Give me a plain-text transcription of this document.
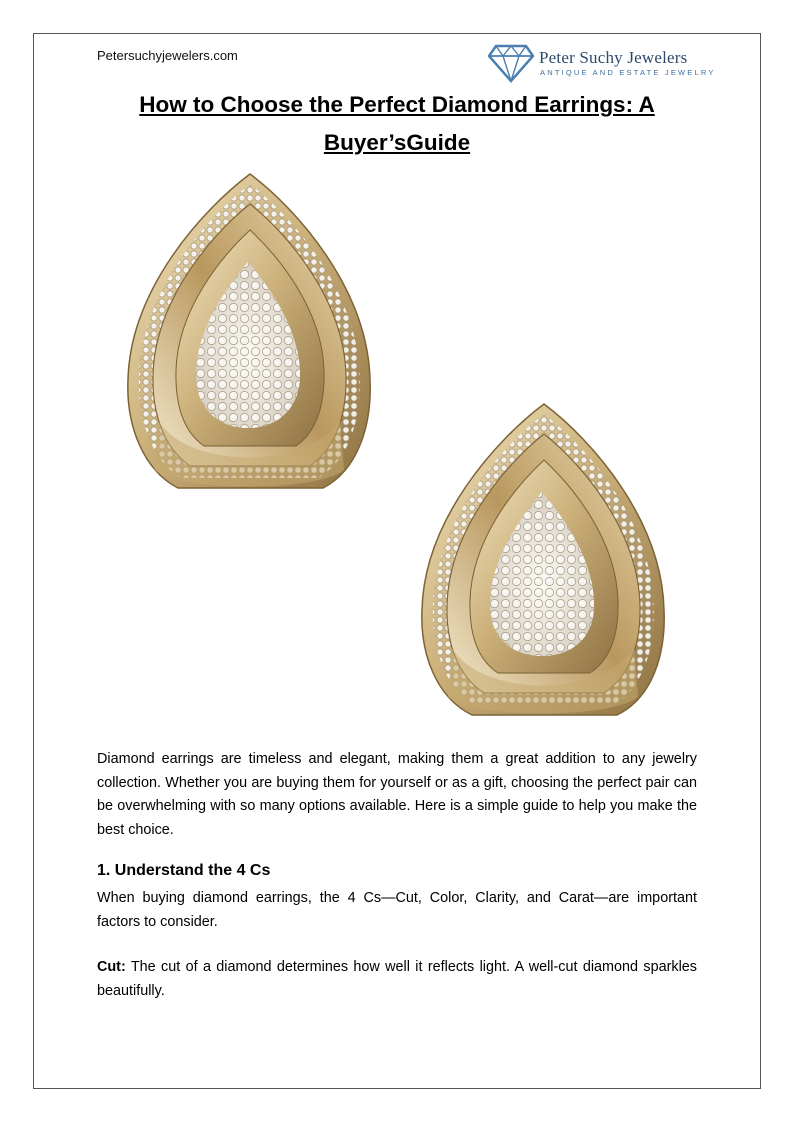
Petersuchyjewelers.com	Peter Suchy Jewelers
ANTIQUE AND ESTATE JEWELRY
How to Choose the Perfect Diamond Earrings: A Buyer’sGuide

Diamond earrings are timeless and elegant, making them a great addition to any jewelry collection. Whether you are buying them for yourself or as a gift, choosing the perfect pair can be overwhelming with so many options available. Here is a simple guide to help you make the best choice.

1. Understand the 4 Cs

When buying diamond earrings, the 4 Cs—Cut, Color, Clarity, and Carat—are important factors to consider.

Cut: The cut of a diamond determines how well it reflects light. A well-cut diamond sparkles beautifully.
